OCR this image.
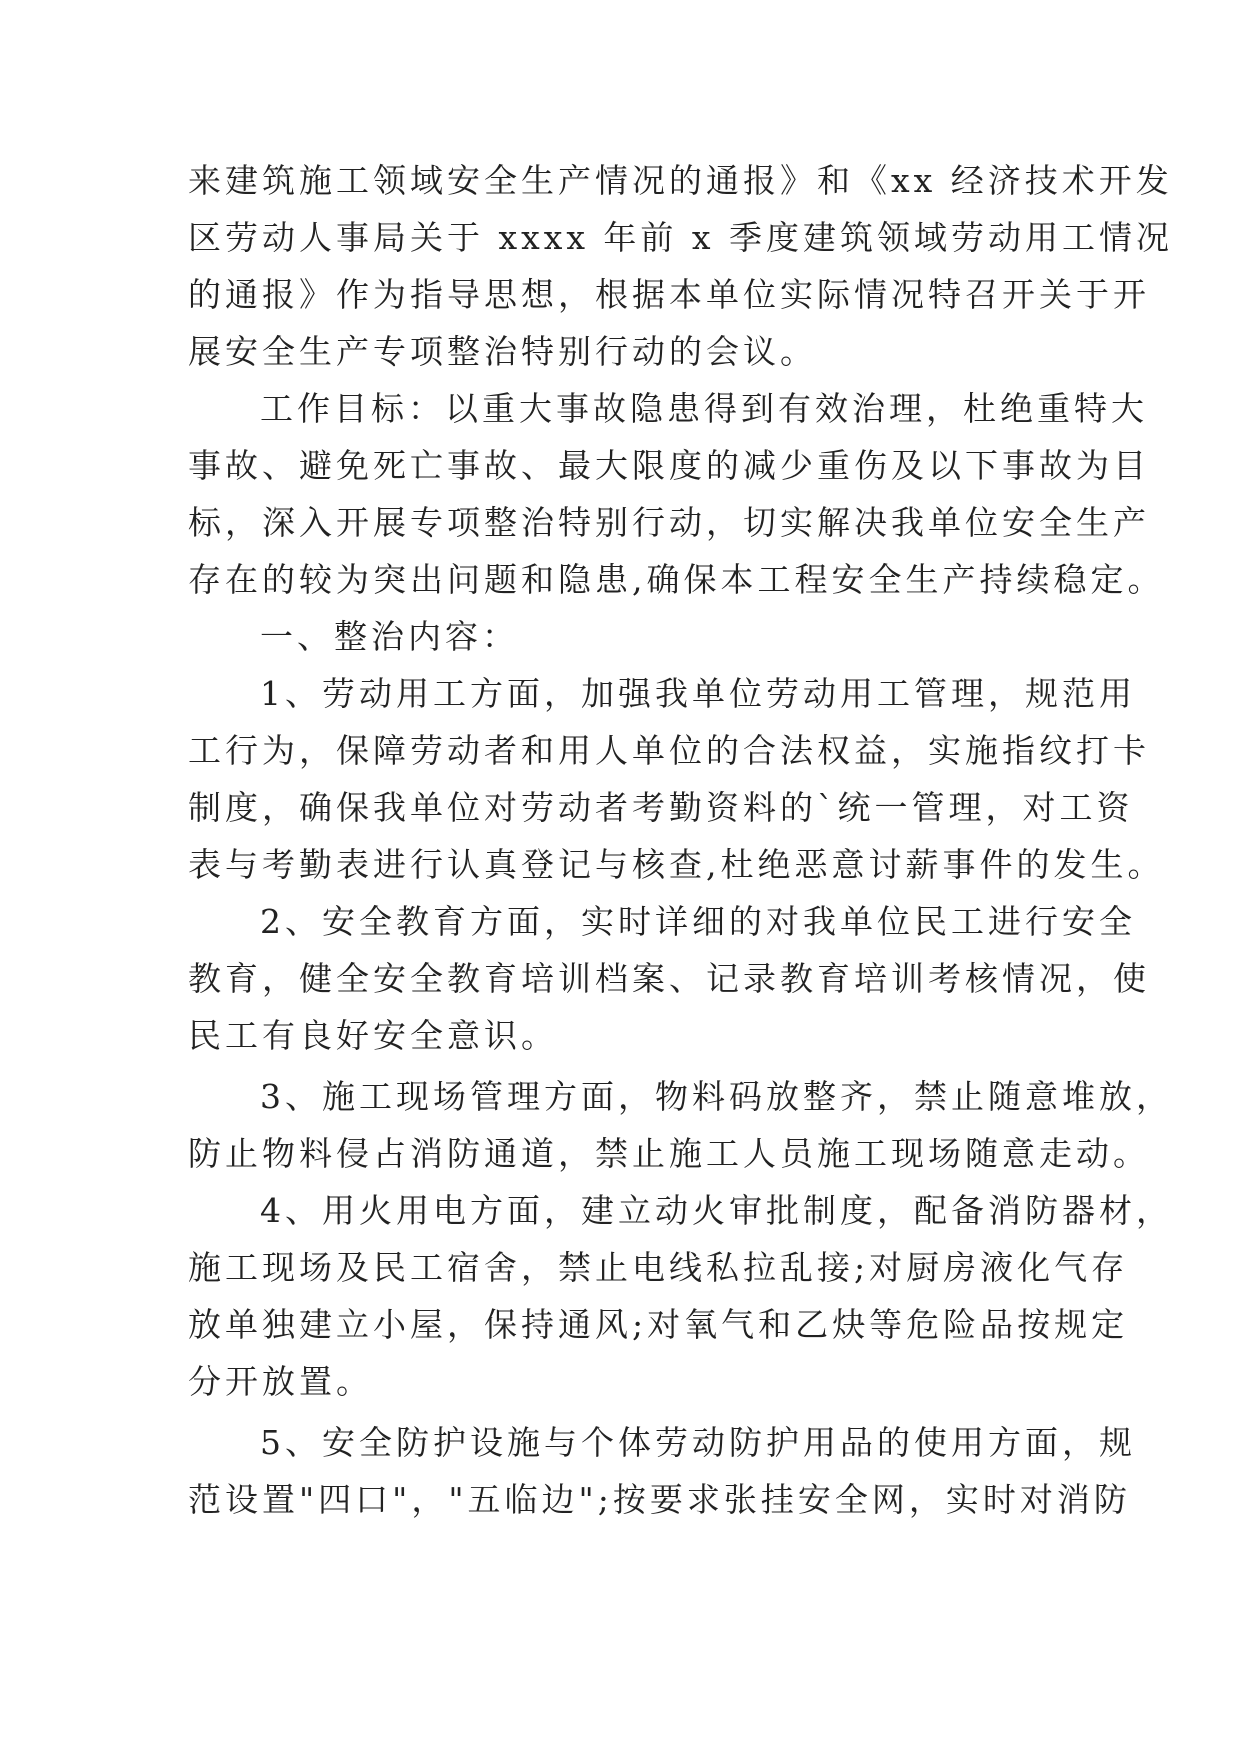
来建筑施工领域安全生产情况的通报》和《xx 经济技术开发
区劳动人事局关于 xxxx 年前 x 季度建筑领域劳动用工情况
的通报》作为指导思想，根据本单位实际情况特召开关于开
展安全生产专项整治特别行动的会议。
工作目标：以重大事故隐患得到有效治理，杜绝重特大
事故、避免死亡事故、最大限度的减少重伤及以下事故为目
标，深入开展专项整治特别行动，切实解决我单位安全生产
存在的较为突出问题和隐患,确保本工程安全生产持续稳定。
一、整治内容：
1、劳动用工方面，加强我单位劳动用工管理，规范用
工行为，保障劳动者和用人单位的合法权益，实施指纹打卡
制度，确保我单位对劳动者考勤资料的`统一管理，对工资
表与考勤表进行认真登记与核查,杜绝恶意讨薪事件的发生。
2、安全教育方面，实时详细的对我单位民工进行安全
教育，健全安全教育培训档案、记录教育培训考核情况，使
民工有良好安全意识。
3、施工现场管理方面，物料码放整齐，禁止随意堆放，
防止物料侵占消防通道，禁止施工人员施工现场随意走动。
4、用火用电方面，建立动火审批制度，配备消防器材，
施工现场及民工宿舍，禁止电线私拉乱接;对厨房液化气存
放单独建立小屋，保持通风;对氧气和乙炔等危险品按规定
分开放置。
5、安全防护设施与个体劳动防护用品的使用方面，规
范设置"四口"，"五临边";按要求张挂安全网，实时对消防
